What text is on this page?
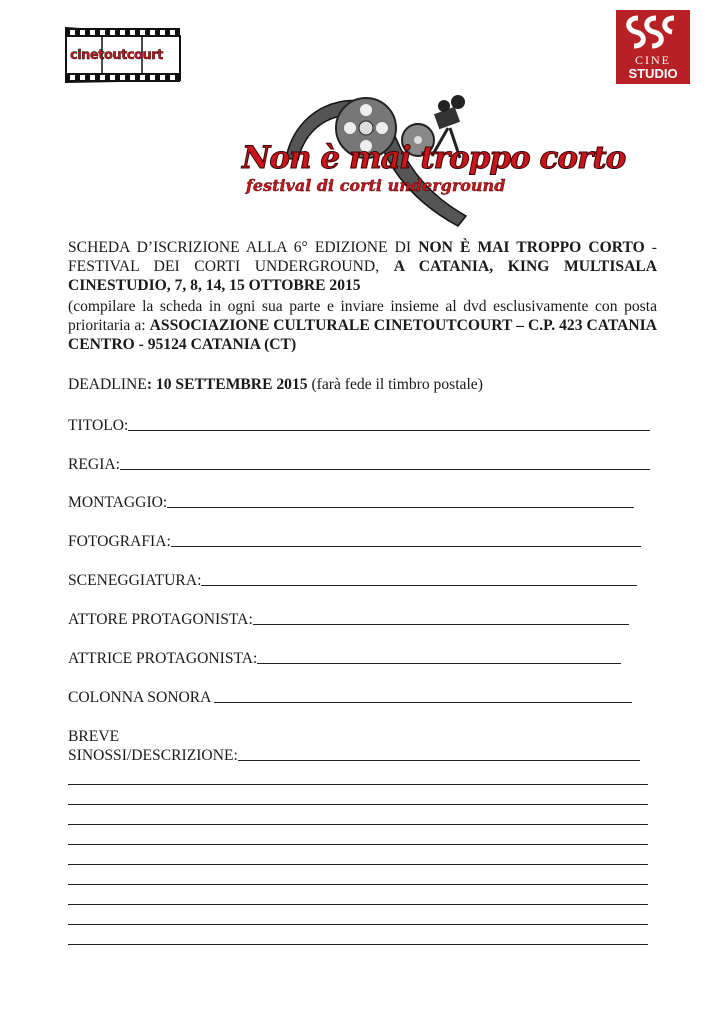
cinetoutcourt	CINE
STUDIO
Non è mai troppo corto
festival di corti underground
SCHEDA D’ISCRIZIONE ALLA 6° EDIZIONE DI NON È MAI TROPPO CORTO - FESTIVAL DEI CORTI UNDERGROUND, A CATANIA, KING MULTISALA CINESTUDIO, 7, 8, 14, 15 OTTOBRE 2015
(compilare la scheda in ogni sua parte e inviare insieme al dvd esclusivamente con posta prioritaria a: ASSOCIAZIONE CULTURALE CINETOUTCOURT – C.P. 423 CATANIA CENTRO - 95124 CATANIA (CT)
DEADLINE: 10 SETTEMBRE 2015 (farà fede il timbro postale)
TITOLO:
REGIA:
MONTAGGIO:
FOTOGRAFIA:
SCENEGGIATURA:
ATTORE PROTAGONISTA:
ATTRICE PROTAGONISTA:
COLONNA SONORA
BREVE
SINOSSI/DESCRIZIONE:
